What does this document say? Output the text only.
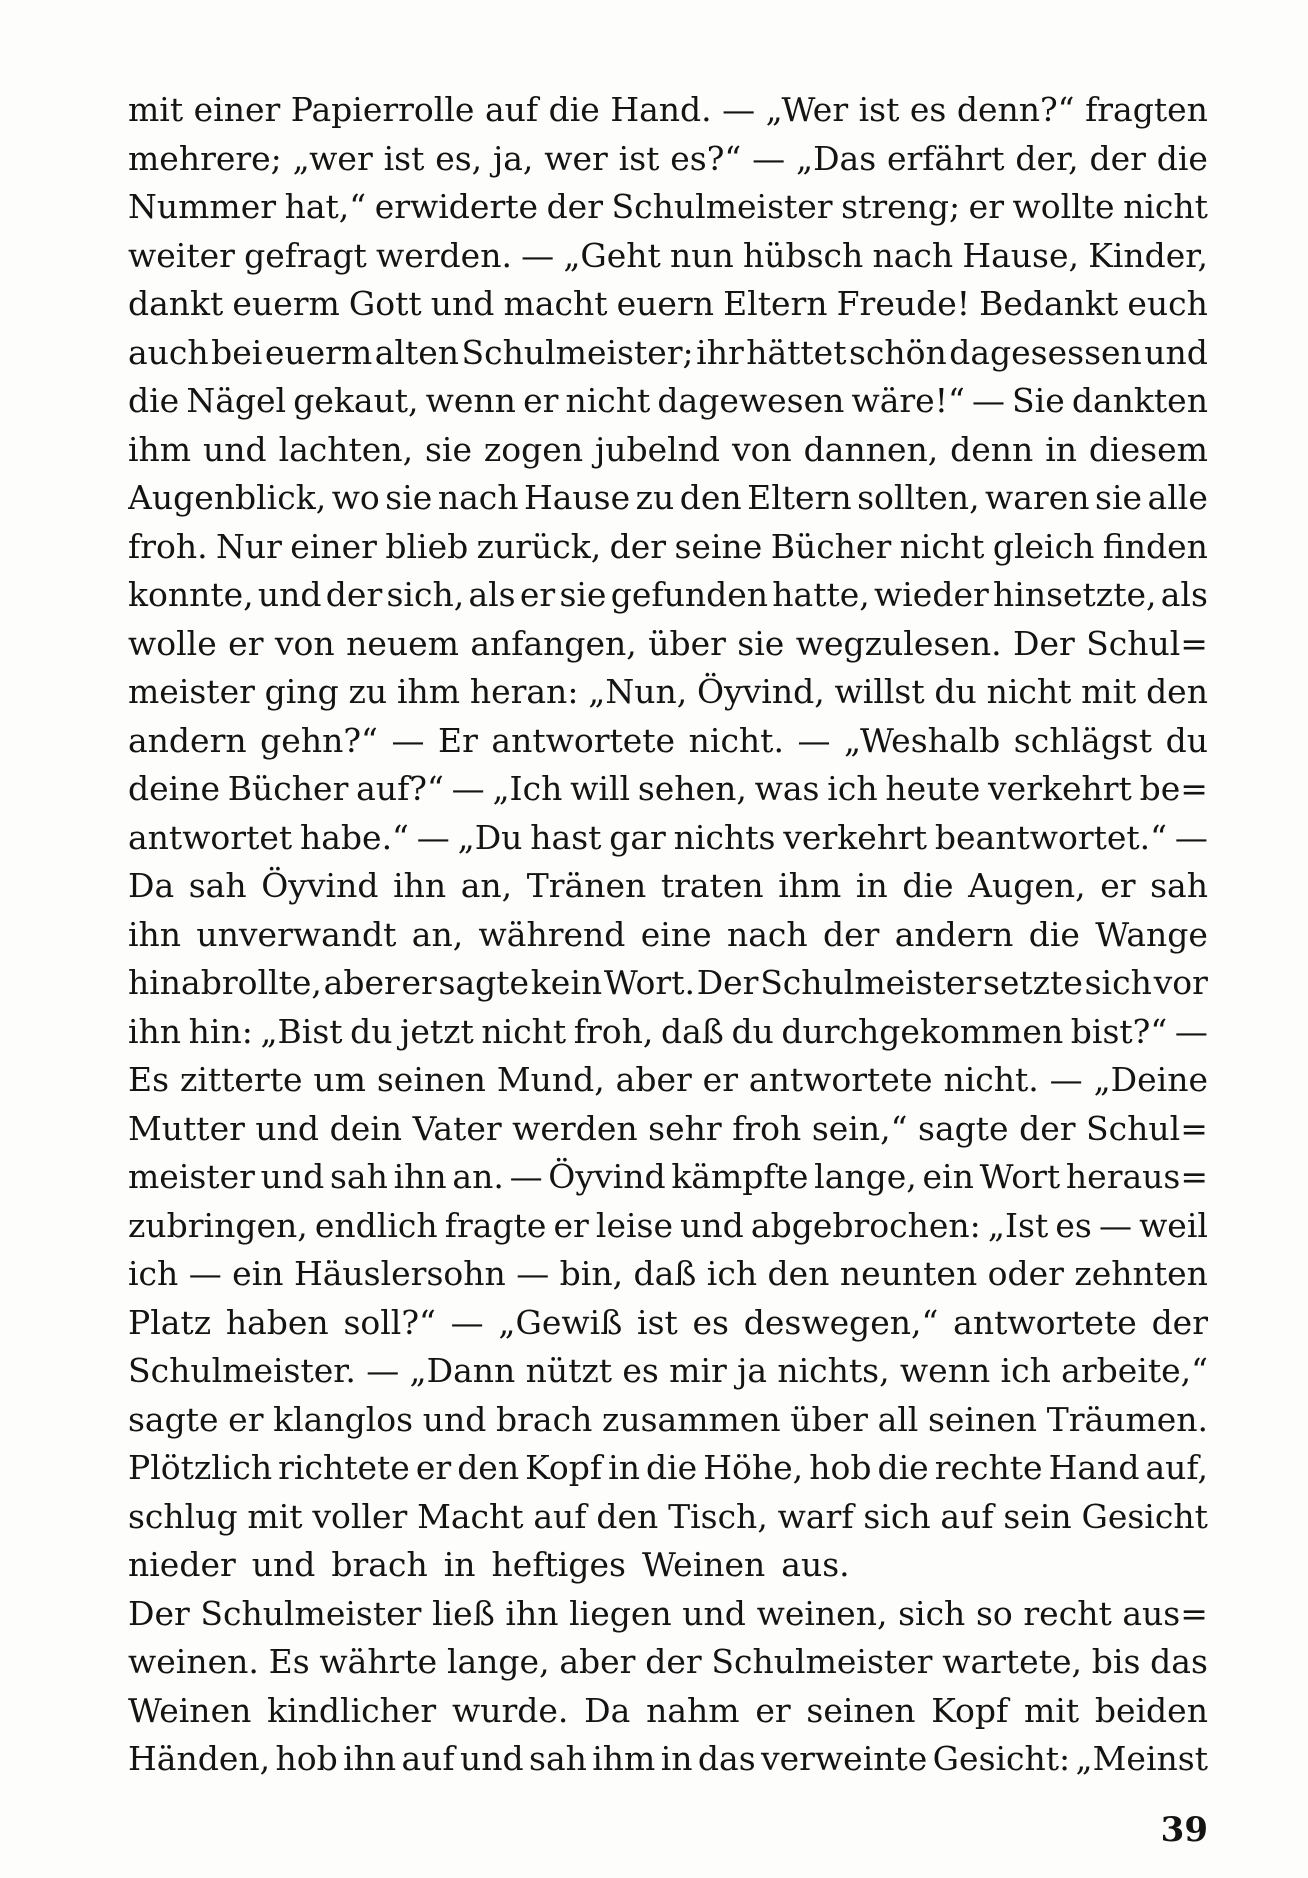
mit einer Papierrolle auf die Hand. — „Wer ist es denn?“ fragten
mehrere; „wer ist es, ja, wer ist es?“ — „Das erfährt der, der die
Nummer hat,“ erwiderte der Schulmeister streng; er wollte nicht
weiter gefragt werden. — „Geht nun hübsch nach Hause, Kinder,
dankt euerm Gott und macht euern Eltern Freude! Bedankt euch
auch bei euerm alten Schulmeister; ihr hättet schön dagesessen und
die Nägel gekaut, wenn er nicht dagewesen wäre!“ — Sie dankten
ihm und lachten, sie zogen jubelnd von dannen, denn in diesem
Augenblick, wo sie nach Hause zu den Eltern sollten, waren sie alle
froh. Nur einer blieb zurück, der seine Bücher nicht gleich finden
konnte, und der sich, als er sie gefunden hatte, wieder hinsetzte, als
wolle er von neuem anfangen, über sie wegzulesen. Der Schul=
meister ging zu ihm heran: „Nun, Öyvind, willst du nicht mit den
andern gehn?“ — Er antwortete nicht. — „Weshalb schlägst du
deine Bücher auf?“ — „Ich will sehen, was ich heute verkehrt be=
antwortet habe.“ — „Du hast gar nichts verkehrt beantwortet.“ —
Da sah Öyvind ihn an, Tränen traten ihm in die Augen, er sah
ihn unverwandt an, während eine nach der andern die Wange
hinabrollte, aber er sagte kein Wort. Der Schulmeister setzte sich vor
ihn hin: „Bist du jetzt nicht froh, daß du durchgekommen bist?“ —
Es zitterte um seinen Mund, aber er antwortete nicht. — „Deine
Mutter und dein Vater werden sehr froh sein,“ sagte der Schul=
meister und sah ihn an. — Öyvind kämpfte lange, ein Wort heraus=
zubringen, endlich fragte er leise und abgebrochen: „Ist es — weil
ich — ein Häuslersohn — bin, daß ich den neunten oder zehnten
Platz haben soll?“ — „Gewiß ist es deswegen,“ antwortete der
Schulmeister. — „Dann nützt es mir ja nichts, wenn ich arbeite,“
sagte er klanglos und brach zusammen über all seinen Träumen.
Plötzlich richtete er den Kopf in die Höhe, hob die rechte Hand auf,
schlug mit voller Macht auf den Tisch, warf sich auf sein Gesicht
nieder und brach in heftiges Weinen aus.
Der Schulmeister ließ ihn liegen und weinen, sich so recht aus=
weinen. Es währte lange, aber der Schulmeister wartete, bis das
Weinen kindlicher wurde. Da nahm er seinen Kopf mit beiden
Händen, hob ihn auf und sah ihm in das verweinte Gesicht: „Meinst
39
